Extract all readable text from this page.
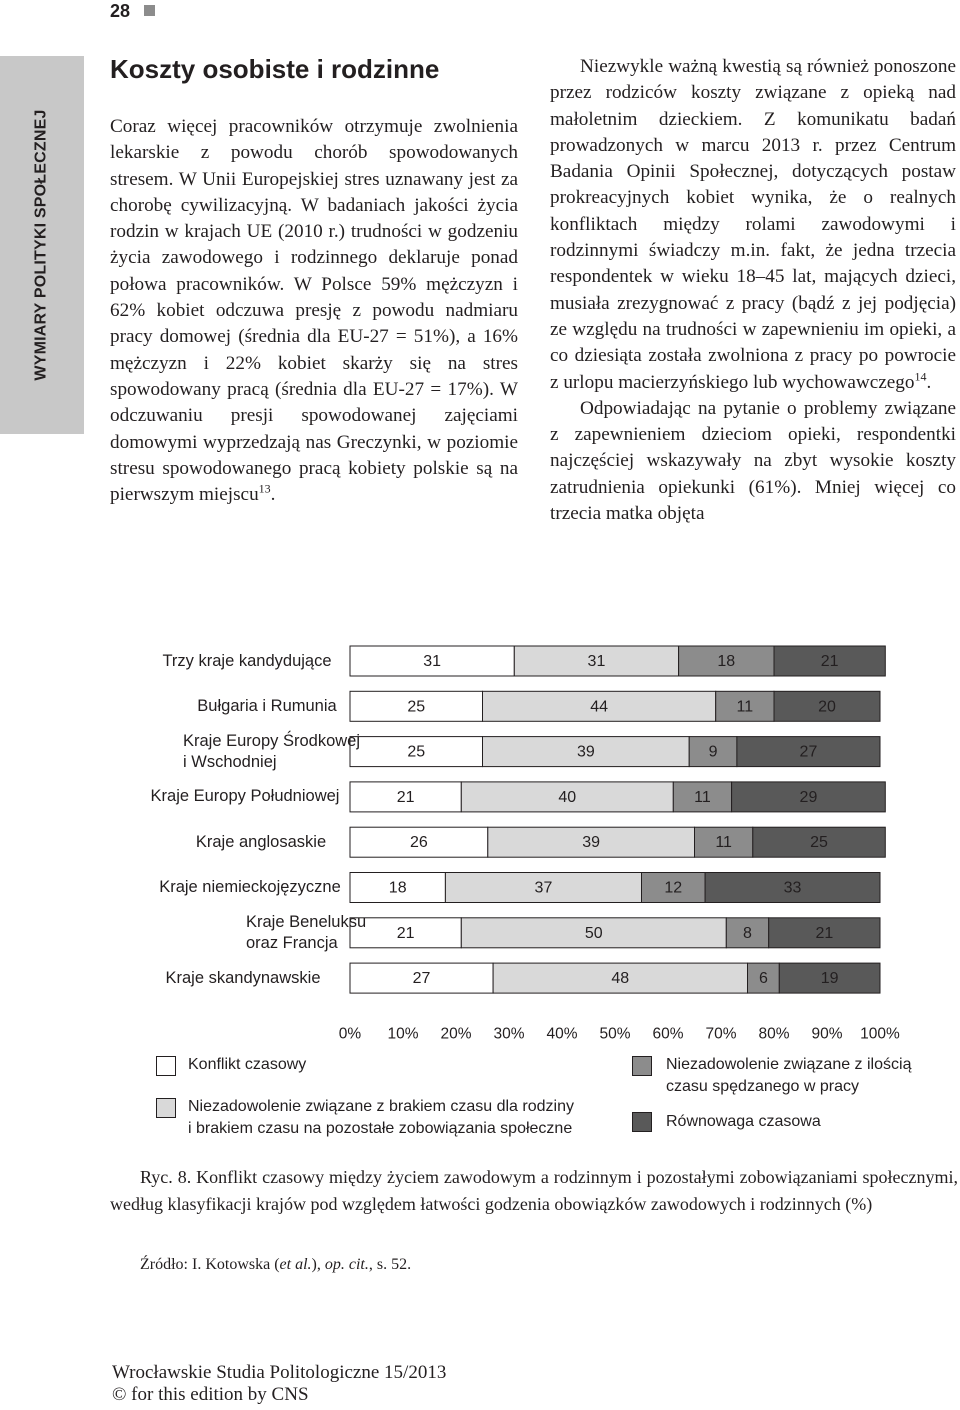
28
WYMIARY POLITYKI SPOŁECZNEJ
Koszty osobiste i rodzinne

Coraz więcej pracowników otrzymuje zwolnienia lekarskie z powodu chorób spowodowanych stresem. W Unii Europejskiej stres uznawany jest za chorobę cywilizacyjną. W badaniach jakości życia rodzin w krajach UE (2010 r.) trudności w godzeniu życia zawodowego i rodzinnego deklaruje ponad połowa pracowników. W Polsce 59% mężczyzn i 62% kobiet odczuwa presję z powodu nadmiaru pracy domowej (średnia dla EU-27 = 51%), a 16% mężczyzn i 22% kobiet skarży się na stres spowodowany pracą (średnia dla EU-27 = 17%). W odczuwaniu presji spowodowanej zajęciami domowymi wyprzedzają nas Greczynki, w poziomie stresu spowodowanego pracą kobiety polskie są na pierwszym miejscu$^{13}$.

Niezwykle ważną kwestią są również ponoszone przez rodziców koszty związane z opieką nad małoletnim dzieckiem. Z komunikatu badań prowadzonych w marcu 2013 r. przez Centrum Badania Opinii Społecznej, dotyczących postaw prokreacyjnych kobiet wynika, że o realnych konfliktach między rolami zawodowymi i rodzinnymi świadczy m.in. fakt, że jedna trzecia respondentek w wieku 18–45 lat, mających dzieci, musiała zrezygnować z pracy (bądź z jej podjęcia) ze względu na trudności w zapewnieniu im opieki, a co dziesiąta została zwolniona z pracy po powrocie z urlopu macierzyńskiego lub wychowawczego$^{14}$.

Odpowiadając na pytanie o problemy związane z zapewnieniem dzieciom opieki, respondentki najczęściej wskazywały na zbyt wysokie koszty zatrudnienia opiekunki (61%). Mniej więcej co trzecia matka objęta

31	31	18	21
25	44	11	20
25	39	9	27
21	40	11	29
26	39	11	25
18	37	12	33
21	50	8	21
27	48	6	19
0% 10% 20% 30% 40% 50% 60% 70% 80% 90% 100%
Trzy kraje kandydujące
Bułgaria i Rumunia
Kraje Europy Środkowej
i Wschodniej
Kraje Europy Południowej
Kraje anglosaskie
Kraje niemieckojęzyczne
Kraje Beneluksu
oraz Francja
Kraje skandynawskie
Konflikt czasowy
Niezadowolenie związane z brakiem czasu dla rodziny
i brakiem czasu na pozostałe zobowiązania społeczne
Niezadowolenie związane z ilością
czasu spędzanego w pracy
Równowaga czasowa
Ryc. 8. Konflikt czasowy między życiem zawodowym a rodzinnym i pozostałymi zobowiązaniami społecznymi, według klasyfikacji krajów pod względem łatwości godzenia obowiązków zawodowych i rodzinnych (%)
Źródło: I. Kotowska (et al.), op. cit., s. 52.
Wrocławskie Studia Politologiczne 15/2013
© for this edition by CNS
